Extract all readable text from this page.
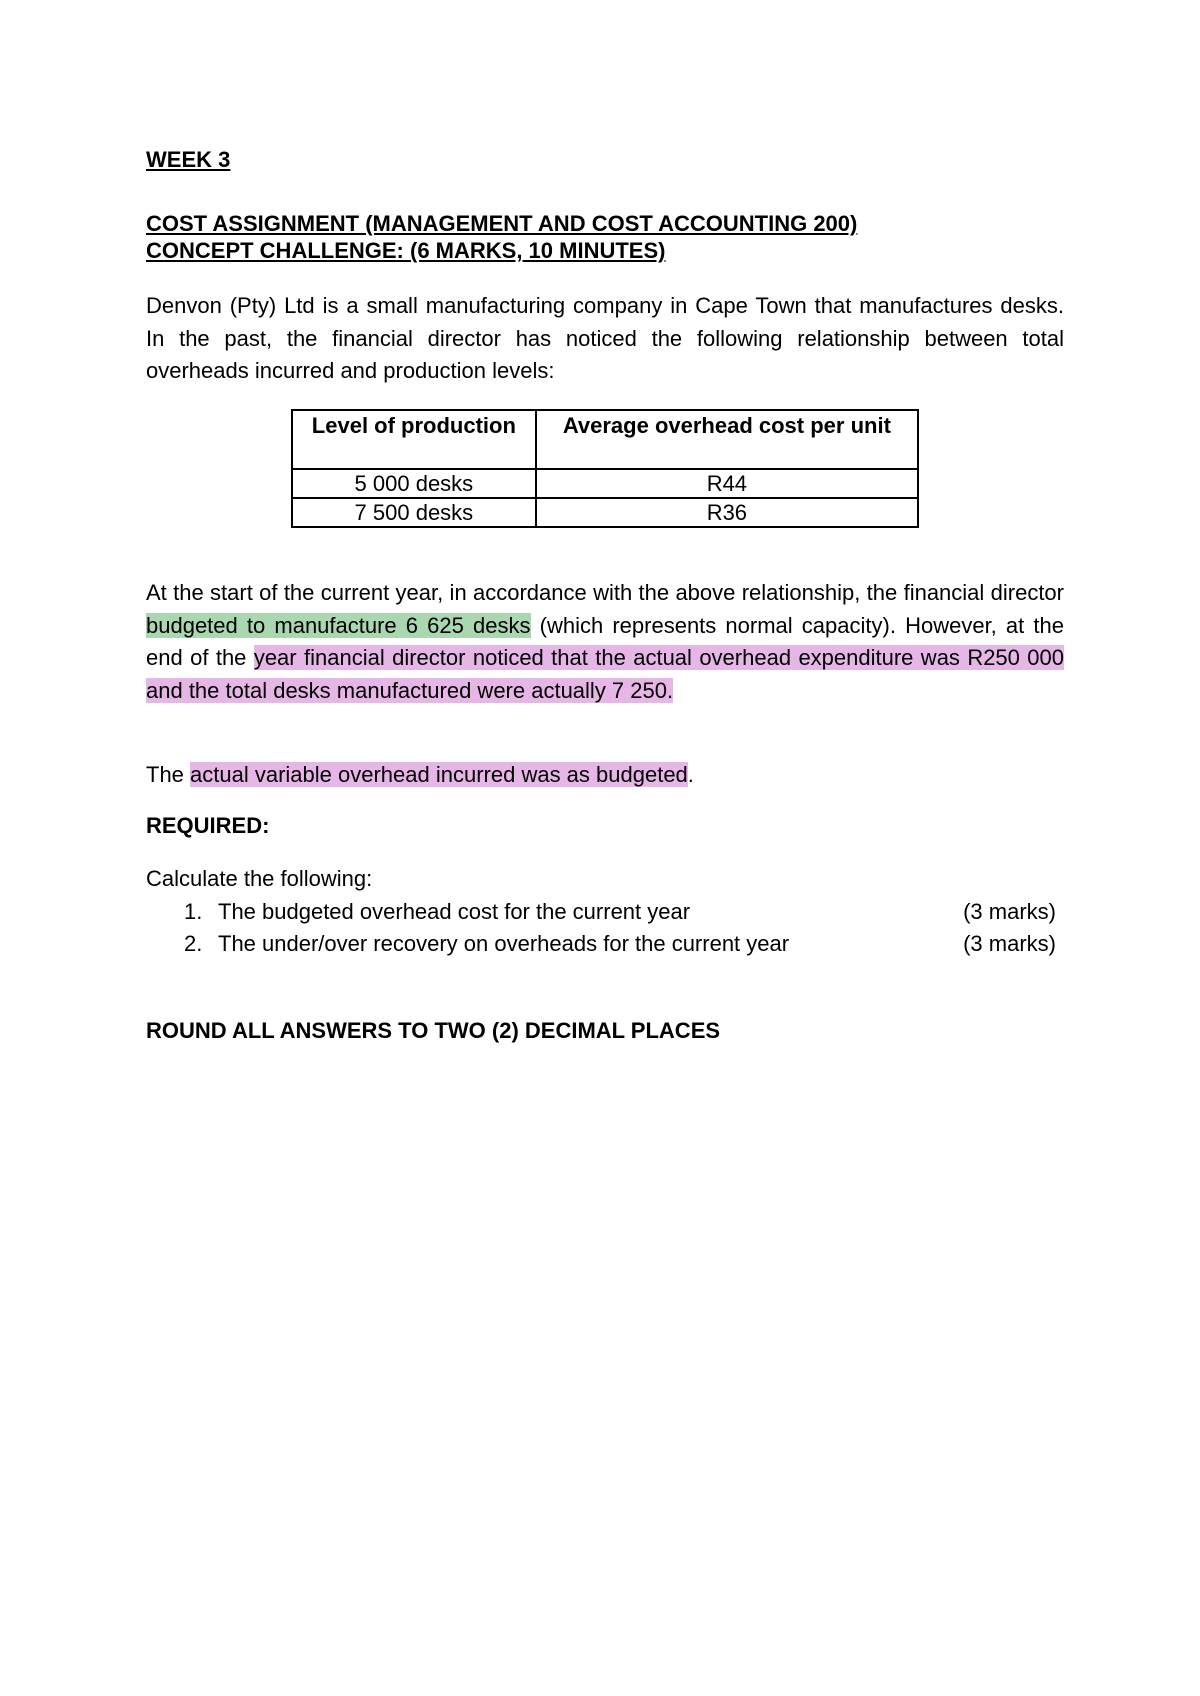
WEEK 3
COST ASSIGNMENT (MANAGEMENT AND COST ACCOUNTING 200)
CONCEPT CHALLENGE: (6 MARKS, 10 MINUTES)
Denvon (Pty) Ltd is a small manufacturing company in Cape Town that manufactures desks. In the past, the financial director has noticed the following relationship between total overheads incurred and production levels:
Level of production	Average overhead cost per unit
5 000 desks	R44
7 500 desks	R36
At the start of the current year, in accordance with the above relationship, the financial director budgeted to manufacture 6 625 desks (which represents normal capacity). However, at the end of the year financial director noticed that the actual overhead expenditure was R250 000 and the total desks manufactured were actually 7 250.
The actual variable overhead incurred was as budgeted.
REQUIRED:
Calculate the following:
1. The budgeted overhead cost for the current year	(3 marks)
2. The under/over recovery on overheads for the current year	(3 marks)
ROUND ALL ANSWERS TO TWO (2) DECIMAL PLACES
